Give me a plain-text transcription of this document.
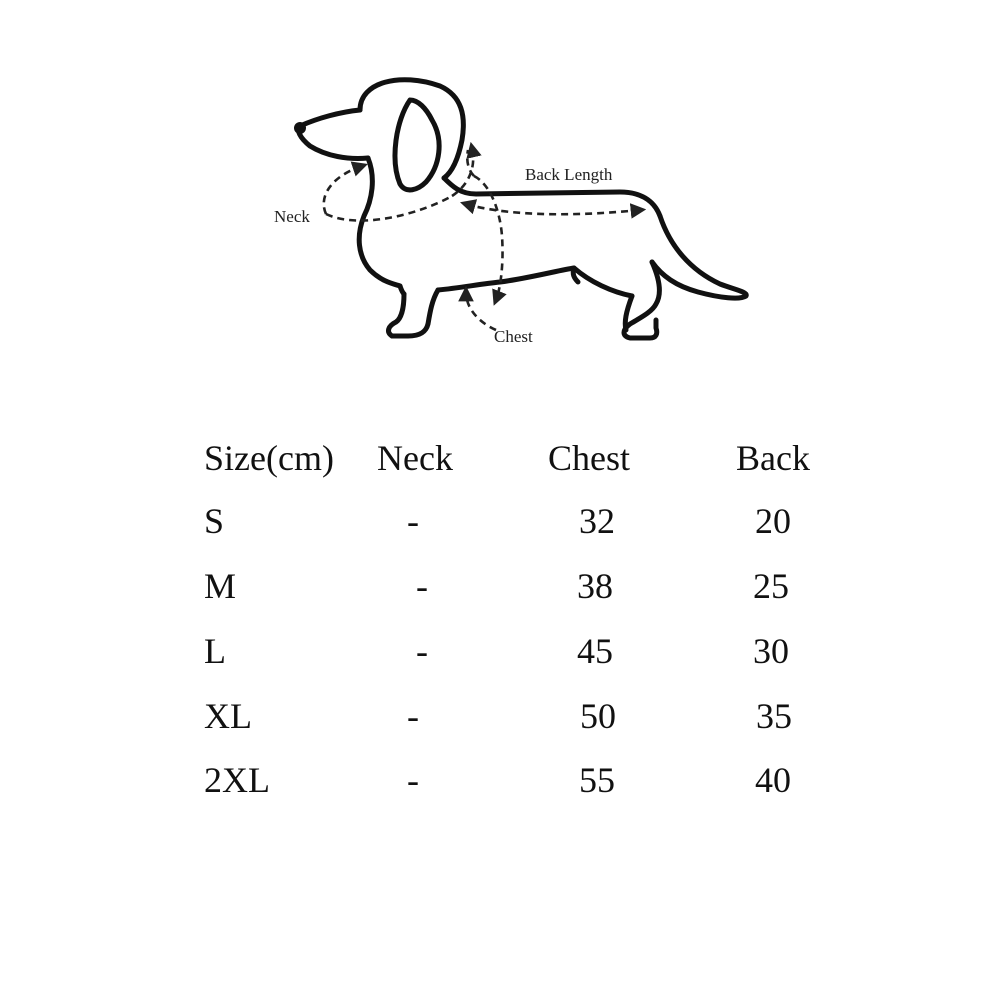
Neck
Back Length
Chest
Size(cm) Neck	Chest	Back
S	-	32	20
M	-	38	25
L	-	45	30
XL	-	50	35
2XL	-	55	40
